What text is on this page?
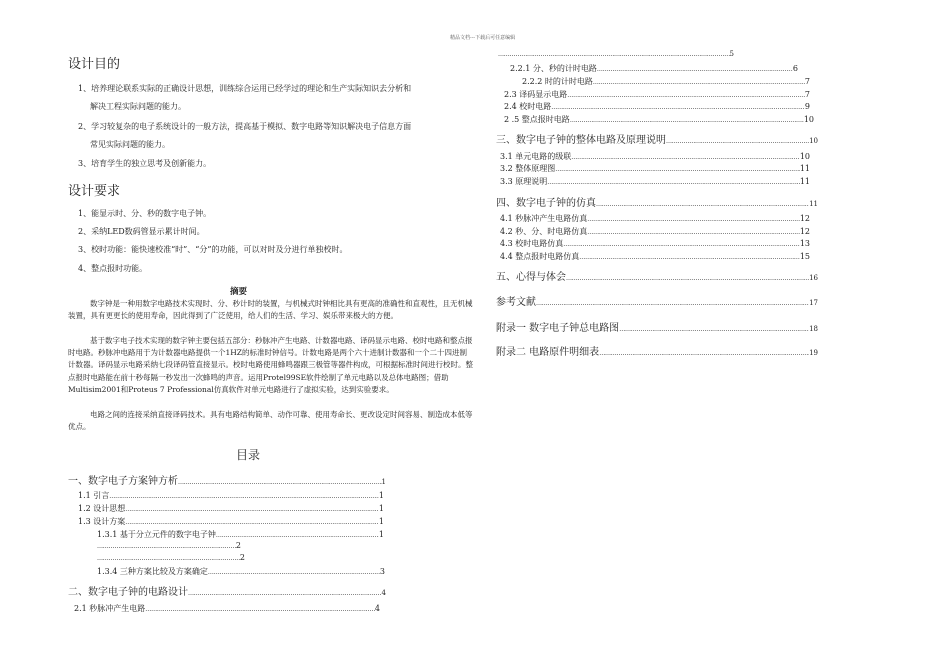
精品文档---下载后可任意编辑
设计目的
1、培养理论联系实际的正确设计思想，训练综合运用已经学过的理论和生产实际知识去分析和
解决工程实际问题的能力。
2、学习较复杂的电子系统设计的一般方法，提高基于模拟、数字电路等知识解决电子信息方面
常见实际问题的能力。
3、培育学生的独立思考及创新能力。
设计要求
1、能显示时、分、秒的数字电子钟。
2、采纳LED数码管显示累计时间。
3、校时功能：能快速校准“时”、“分”的功能，可以对时及分进行单独校时。
4、整点报时功能。
摘要
数字钟是一种用数字电路技术实现时、分、秒计时的装置，与机械式时钟相比具有更高的准确性和直观性，且无机械装置，具有更更长的使用寿命，因此得到了广泛使用，给人们的生活、学习、娱乐带来极大的方便。
基于数字电子技术实现的数字钟主要包括五部分：秒脉冲产生电路、计数器电路、译码显示电路、校时电路和整点报时电路。秒脉冲电路用于为计数器电路提供一个1HZ的标准时钟信号。计数电路是两个六十进制计数器和一个二十四进制计数器。译码显示电路采纳七段译码管直接显示。校时电路使用蜂鸣器跟三极管等器件构成，可根据标准时间进行校时。整点报时电路能在前十秒每隔一秒发出一次蜂鸣的声音。运用Protel99SE软件绘制了单元电路以及总体电路图；借助Multisim2001和Proteus 7 Professional仿真软件对单元电路进行了虚拟实验，达到实验要求。
电路之间的连接采纳直接译码技术。具有电路结构简单、动作可靠、使用寿命长、更改设定时间容易、制造成本低等优点。
目录
一、数字电子方案钟方析 …………………………………………………………………………………………………………………………………………………………	1
1.1 引言 …………………………………………………………………………………………………………………………………………………………	1
1.2 设计思想 …………………………………………………………………………………………………………………………………………………………	1
1.3 设计方案 …………………………………………………………………………………………………………………………………………………………	1
1.3.1 基于分立元件的数字电子钟 …………………………………………………………………………………………………………………………………………………………	1
…………………………………………………………………………………………………………………………………………………………
2
…………………………………………………………………………………………………………………………………………………………
2
1.3.4 三种方案比较及方案确定 …………………………………………………………………………………………………………………………………………………………	3
二、数字电子钟的电路设计 …………………………………………………………………………………………………………………………………………………………	4
2.1 秒脉冲产生电路 …………………………………………………………………………………………………………………………………………………………	4
…………………………………………………………………………………………………………………………………………………………
5
2.2.1 分、秒的计时电路 …………………………………………………………………………………………………………………………………………………………	6
2.2.2 时的计时电路 …………………………………………………………………………………………………………………………………………………………	7
2.3 译码显示电路 …………………………………………………………………………………………………………………………………………………………	7
2.4 校时电路 …………………………………………………………………………………………………………………………………………………………	9
2 .5 整点报时电路 …………………………………………………………………………………………………………………………………………………………	10
三、数字电子钟的整体电路及原理说明 …………………………………………………………………………………………………………………………………………………………	10
3.1 单元电路的级联 …………………………………………………………………………………………………………………………………………………………	10
3.2 整体原理图 …………………………………………………………………………………………………………………………………………………………	11
3.3 原理说明 …………………………………………………………………………………………………………………………………………………………	11
四、数字电子钟的仿真 …………………………………………………………………………………………………………………………………………………………	11
4.1 秒脉冲产生电路仿真 …………………………………………………………………………………………………………………………………………………………	12
4.2 秒、分、时电路仿真 …………………………………………………………………………………………………………………………………………………………	12
4.3 校时电路仿真 …………………………………………………………………………………………………………………………………………………………	13
4.4 整点报时电路仿真 …………………………………………………………………………………………………………………………………………………………	15
五、心得与体会 …………………………………………………………………………………………………………………………………………………………	16
参考文献 …………………………………………………………………………………………………………………………………………………………	17
附录一 数字电子钟总电路图 …………………………………………………………………………………………………………………………………………………………	18
附录二 电路原件明细表 …………………………………………………………………………………………………………………………………………………………	19
